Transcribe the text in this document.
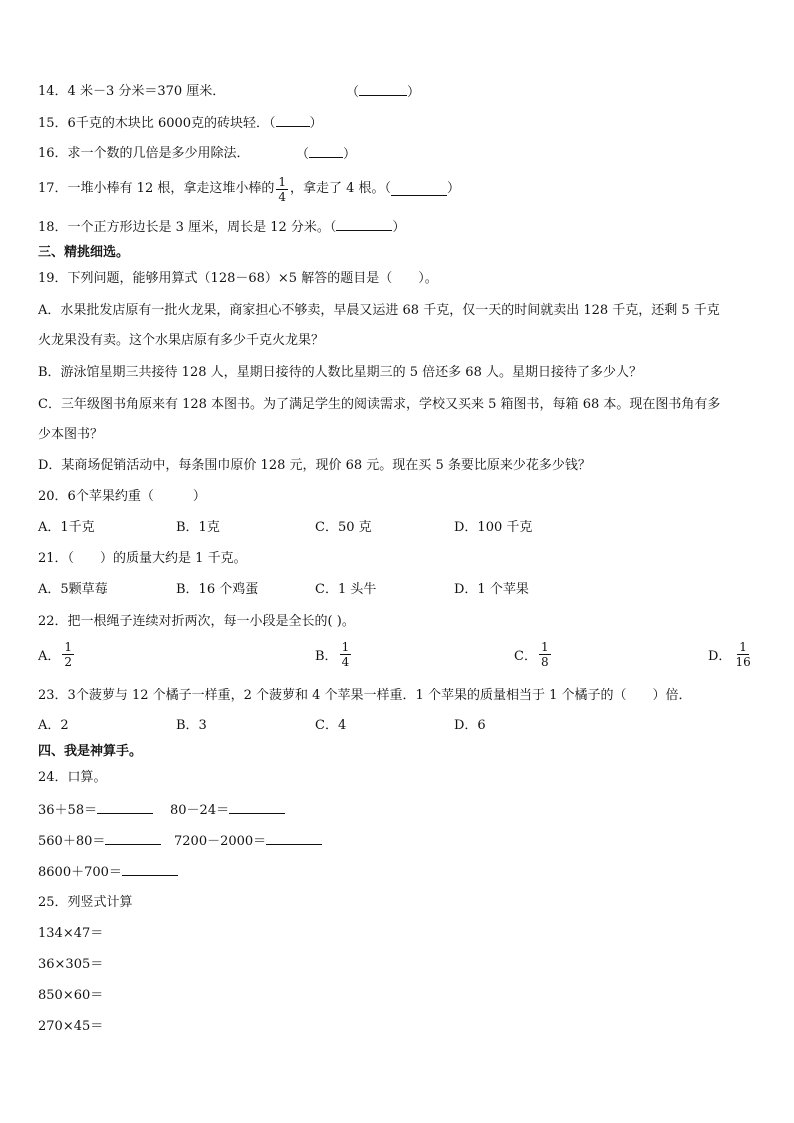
14．4 米－3 分米＝370 厘米．	（	）
15．6千克的木块比 6000克的砖块轻．（	）
16．求一个数的几倍是多少用除法．	（	）
17．一堆小棒有 12 根，拿走这堆小棒的 $\frac{1}{4}$ ，拿走了 4 根。（	）
18．一个正方形边长是 3 厘米，周长是 12 分米。（	）
三、精挑细选。
19．下列问题，能够用算式（128－68）×5 解答的题目是（　　）。
A．水果批发店原有一批火龙果，商家担心不够卖，早晨又运进 68 千克，仅一天的时间就卖出 128 千克，还剩 5 千克
火龙果没有卖。这个水果店原有多少千克火龙果？
B．游泳馆星期三共接待 128 人，星期日接待的人数比星期三的 5 倍还多 68 人。星期日接待了多少人？
C．三年级图书角原来有 128 本图书。为了满足学生的阅读需求，学校又买来 5 箱图书，每箱 68 本。现在图书角有多
少本图书？
D．某商场促销活动中，每条围巾原价 128 元，现价 68 元。现在买 5 条要比原来少花多少钱？
20．6个苹果约重（　　　）
A．1千克	B．1克	C．50 克	D．100 千克
21．（　　）的质量大约是 1 千克。
A．5颗草莓	B．16 个鸡蛋	C．1 头牛	D．1 个苹果
22．把一根绳子连续对折两次，每一小段是全长的( )。
A． $\frac{1}{2}$	B． $\frac{1}{4}$	C． $\frac{1}{8}$	D． $\frac{1}{16}$
23．3个菠萝与 12 个橘子一样重，2 个菠萝和 4 个苹果一样重．1 个苹果的质量相当于 1 个橘子的（　　）倍．
A．2	B．3	C．4	D．6
四、我是神算手。
24．口算。
36＋58＝	80－24＝
560＋80＝	7200－2000＝
8600＋700＝
25．列竖式计算
134×47＝
36×305＝
850×60＝
270×45＝
